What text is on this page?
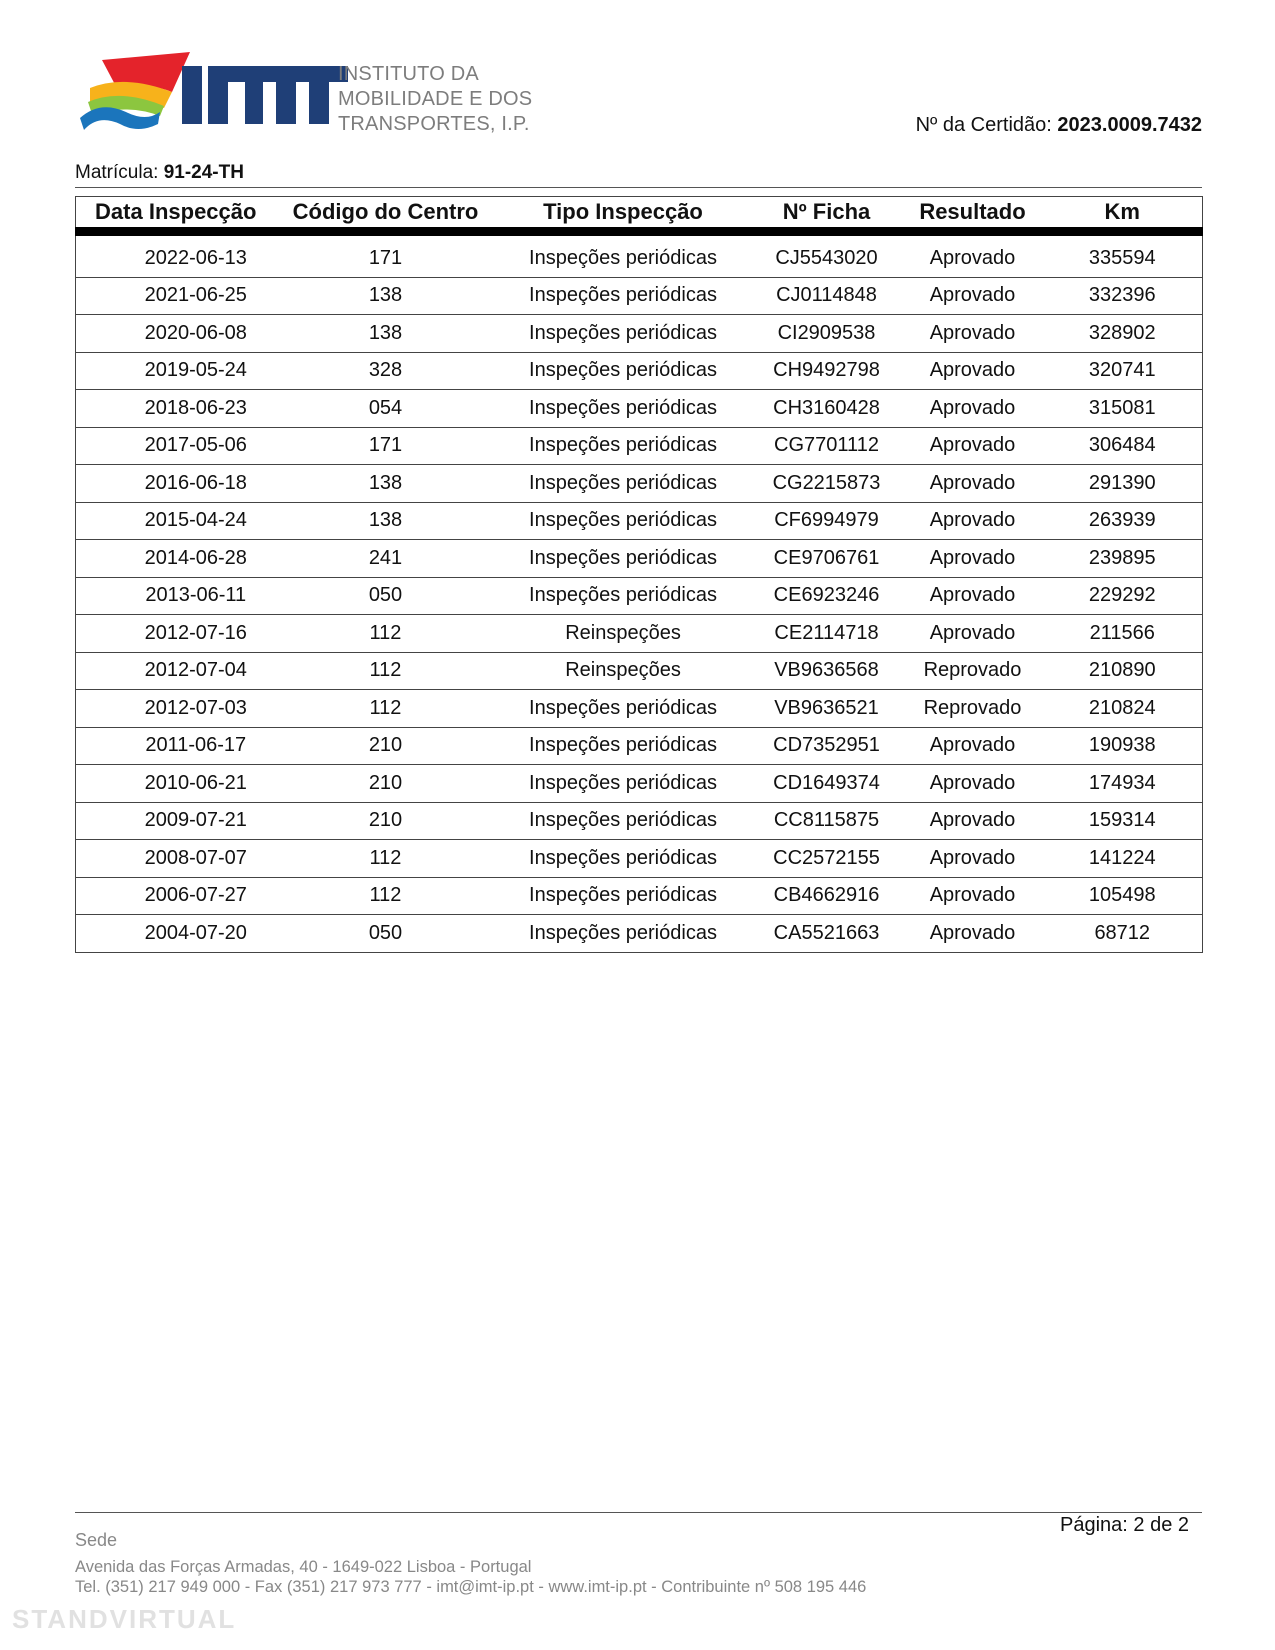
INSTITUTO DA
MOBILIDADE E DOS
TRANSPORTES, I.P.	Nº da Certidão: 2023.0009.7432
Matrícula: 91-24-TH
Data Inspecção	Código do Centro	Tipo Inspecção	Nº Ficha	Resultado	Km
2022-06-13	171	Inspeções periódicas	CJ5543020	Aprovado	335594
2021-06-25	138	Inspeções periódicas	CJ0114848	Aprovado	332396
2020-06-08	138	Inspeções periódicas	CI2909538	Aprovado	328902
2019-05-24	328	Inspeções periódicas	CH9492798	Aprovado	320741
2018-06-23	054	Inspeções periódicas	CH3160428	Aprovado	315081
2017-05-06	171	Inspeções periódicas	CG7701112	Aprovado	306484
2016-06-18	138	Inspeções periódicas	CG2215873	Aprovado	291390
2015-04-24	138	Inspeções periódicas	CF6994979	Aprovado	263939
2014-06-28	241	Inspeções periódicas	CE9706761	Aprovado	239895
2013-06-11	050	Inspeções periódicas	CE6923246	Aprovado	229292
2012-07-16	112	Reinspeções	CE2114718	Aprovado	211566
2012-07-04	112	Reinspeções	VB9636568	Reprovado	210890
2012-07-03	112	Inspeções periódicas	VB9636521	Reprovado	210824
2011-06-17	210	Inspeções periódicas	CD7352951	Aprovado	190938
2010-06-21	210	Inspeções periódicas	CD1649374	Aprovado	174934
2009-07-21	210	Inspeções periódicas	CC8115875	Aprovado	159314
2008-07-07	112	Inspeções periódicas	CC2572155	Aprovado	141224
2006-07-27	112	Inspeções periódicas	CB4662916	Aprovado	105498
2004-07-20	050	Inspeções periódicas	CA5521663	Aprovado	68712
Página: 2 de 2
Sede
Avenida das Forças Armadas, 40 - 1649-022 Lisboa - Portugal
Tel. (351) 217 949 000 - Fax (351) 217 973 777 - imt@imt-ip.pt - www.imt-ip.pt - Contribuinte nº 508 195 446
STANDVIRTUAL
